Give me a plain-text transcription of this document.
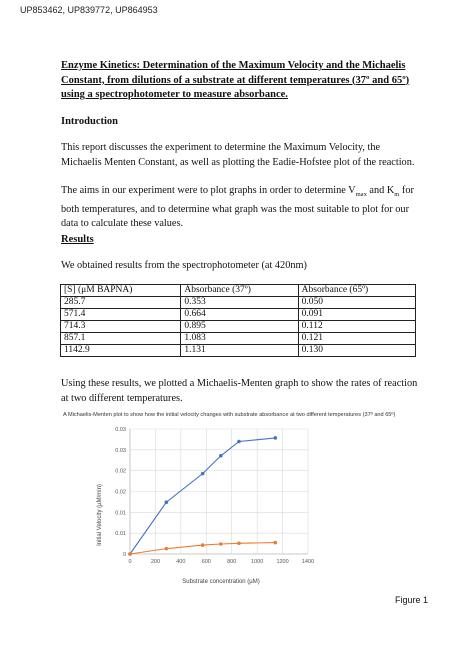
UP853462, UP839772, UP864953
Enzyme Kinetics: Determination of the Maximum Velocity and the Michaelis Constant, from dilutions of a substrate at different temperatures (37º and 65º) using a spectrophotometer to measure absorbance.
Introduction
This report discusses the experiment to determine the Maximum Velocity, the Michaelis Menten Constant, as well as plotting the Eadie-Hofstee plot of the reaction.
The aims in our experiment were to plot graphs in order to determine $V_{max}$ and $K_m$ for both temperatures, and to determine what graph was the most suitable to plot for our data to calculate these values.
Results
We obtained results from the spectrophotometer (at 420nm)
[S] (μM BAPNA)	Absorbance (37º)	Absorbance (65º)
285.7	0.353	0.050
571.4	0.664	0.091
714.3	0.895	0.112
857.1	1.083	0.121
1142.9	1.131	0.130
Using these results, we plotted a Michaelis-Menten graph to show the rates of reaction at two different temperatures.
A Michaelis-Menten plot to show how the initial velocity changes with substrate absorbance at two different temperatures (37º and 65º)
0
0.01
0.01
0.02
0.02
0.03
0.03
0	200	400	600	800	1000 1200 1400
Substrate concentration (µM)
Initial Velocity (µM/min)
Figure 1
